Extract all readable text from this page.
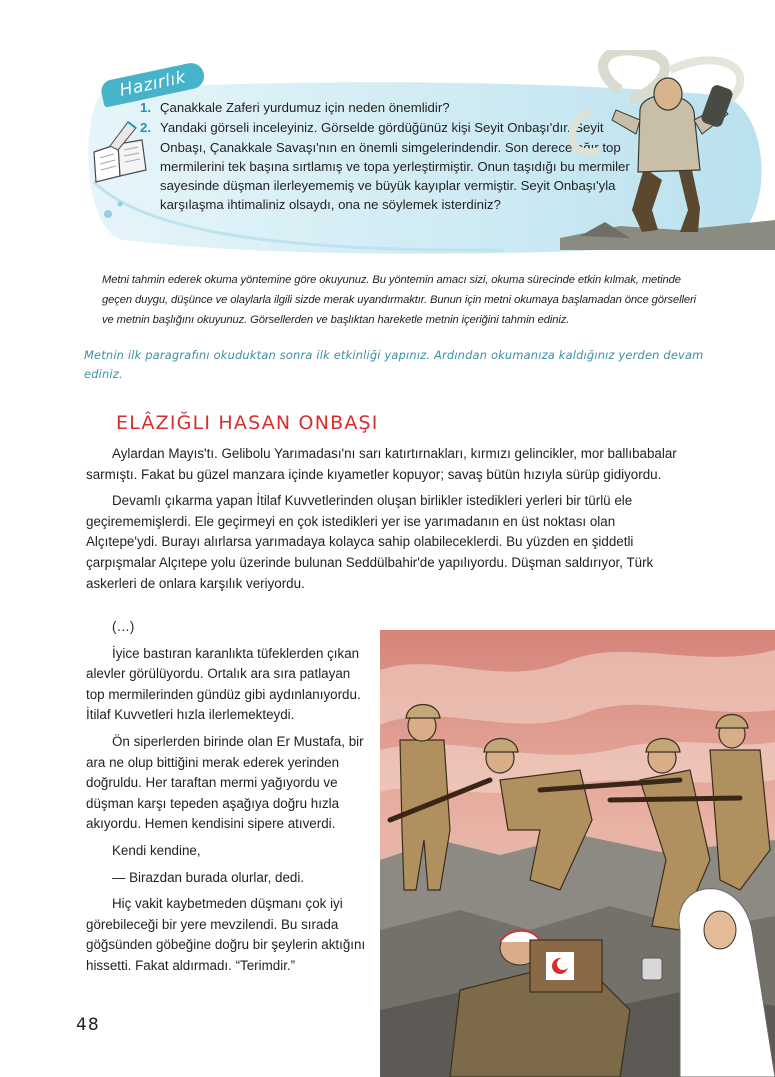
Hazırlık
1. Çanakkale Zaferi yurdumuz için neden önemlidir?
2. Yandaki görseli inceleyiniz. Görselde gördüğünüz kişi Seyit Onbaşı'dır. Seyit Onbaşı, Çanakkale Savaşı'nın en önemli simgelerindendir. Son derece ağır top mermilerini tek başına sırtlamış ve topa yerleştirmiştir. Onun taşıdığı bu mermiler sayesinde düşman ilerleyememiş ve büyük kayıplar vermiştir. Seyit Onbaşı'yla karşılaşma ihtimaliniz olsaydı, ona ne söylemek isterdiniz?
Metni tahmin ederek okuma yöntemine göre okuyunuz. Bu yöntemin amacı sizi, okuma sürecinde etkin kılmak, metinde geçen duygu, düşünce ve olaylarla ilgili sizde merak uyandırmaktır. Bunun için metni okumaya başlamadan önce görselleri ve metnin başlığını okuyunuz. Görsellerden ve başlıktan hareketle metnin içeriğini tahmin ediniz.
Metnin ilk paragrafını okuduktan sonra ilk etkinliği yapınız. Ardından okumanıza kaldığınız yerden devam ediniz.
ELÂZIĞLI HASAN ONBAŞI

Aylardan Mayıs'tı. Gelibolu Yarımadası'nı sarı katırtırnakları, kırmızı gelincikler, mor ballıbabalar sarmıştı. Fakat bu güzel manzara içinde kıyametler kopuyor; savaş bütün hızıyla sürüp gidiyordu.

Devamlı çıkarma yapan İtilaf Kuvvetlerinden oluşan birlikler istedikleri yerleri bir türlü ele geçirememişlerdi. Ele geçirmeyi en çok istedikleri yer ise yarımadanın en üst noktası olan Alçıtepe'ydi. Burayı alırlarsa yarımadaya kolayca sahip olabileceklerdi. Bu yüzden en şiddetli çarpışmalar Alçıtepe yolu üzerinde bulunan Seddülbahir'de yapılıyordu. Düşman saldırıyor, Türk askerleri de onlara karşılık veriyordu.

(…)

İyice bastıran karanlıkta tüfeklerden çıkan alevler görülüyordu. Ortalık ara sıra patlayan top mermilerinden gündüz gibi aydınlanıyordu. İtilaf Kuvvetleri hızla ilerlemekteydi.

Ön siperlerden birinde olan Er Mustafa, bir ara ne olup bittiğini merak ederek yerinden doğruldu. Her taraftan mermi yağıyordu ve düşman karşı tepeden aşağıya doğru hızla akıyordu. Hemen kendisini sipere atıverdi.

Kendi kendine,

— Birazdan burada olurlar, dedi.

Hiç vakit kaybetmeden düşmanı çok iyi görebileceği bir yere mevzilendi. Bu sırada göğsünden göbeğine doğru bir şeylerin aktığını hissetti. Fakat aldırmadı. “Terimdir.”

48
